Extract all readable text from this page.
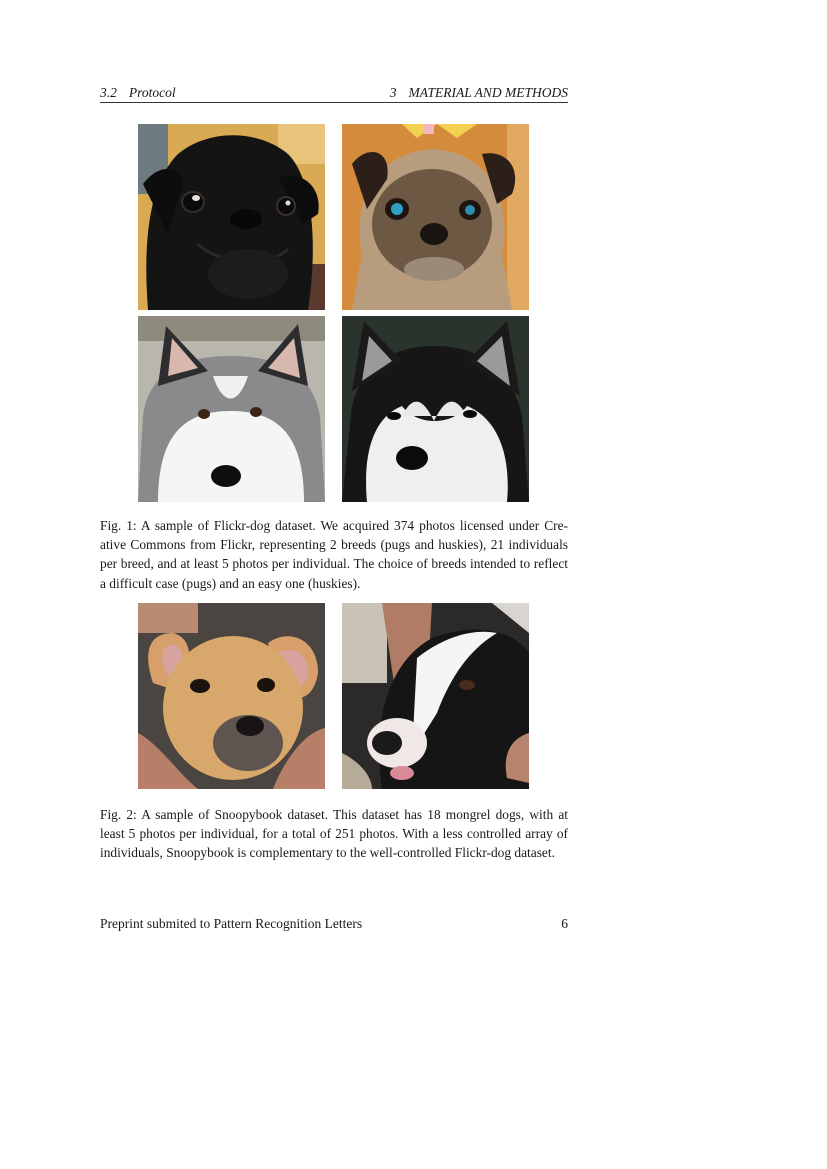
3.2 Protocol	3 MATERIAL AND METHODS
Fig. 1: A sample of Flickr-dog dataset. We acquired 374 photos licensed under Cre-
ative Commons from Flickr, representing 2 breeds (pugs and huskies), 21 individuals
per breed, and at least 5 photos per individual. The choice of breeds intended to reflect
a difficult case (pugs) and an easy one (huskies).
Fig. 2: A sample of Snoopybook dataset. This dataset has 18 mongrel dogs, with at
least 5 photos per individual, for a total of 251 photos. With a less controlled array of
individuals, Snoopybook is complementary to the well-controlled Flickr-dog dataset.
Preprint submited to Pattern Recognition Letters	6
